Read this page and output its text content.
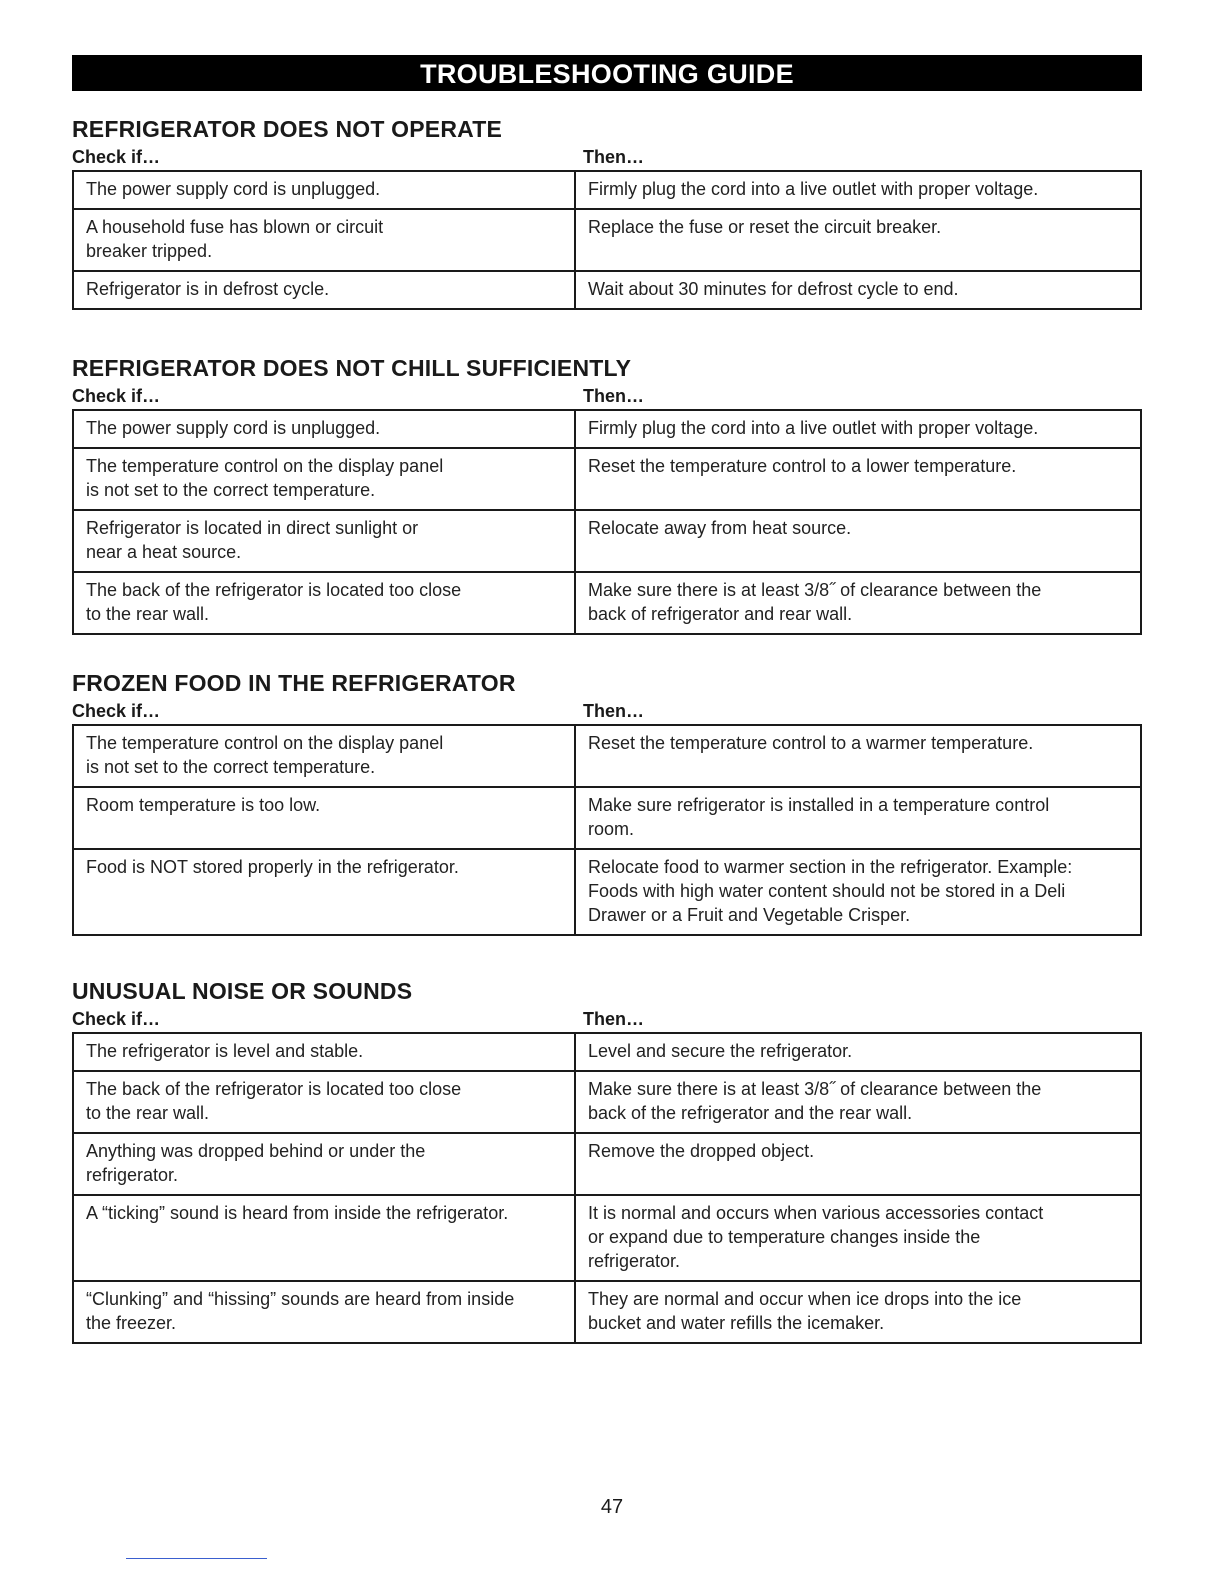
TROUBLESHOOTING GUIDE
REFRIGERATOR DOES NOT OPERATE
Check if…	Then…
The power supply cord is unplugged.	Firmly plug the cord into a live outlet with proper voltage.
A household fuse has blown or circuit
breaker tripped.	Replace the fuse or reset the circuit breaker.
Refrigerator is in defrost cycle.	Wait about 30 minutes for defrost cycle to end.
REFRIGERATOR DOES NOT CHILL SUFFICIENTLY
Check if…	Then…
The power supply cord is unplugged.	Firmly plug the cord into a live outlet with proper voltage.
The temperature control on the display panel
is not set to the correct temperature.	Reset the temperature control to a lower temperature.
Refrigerator is located in direct sunlight or
near a heat source.	Relocate away from heat source.
The back of the refrigerator is located too close
to the rear wall.	Make sure there is at least 3/8˝ of clearance between the
back of refrigerator and rear wall.
FROZEN FOOD IN THE REFRIGERATOR
Check if…	Then…
The temperature control on the display panel
is not set to the correct temperature.	Reset the temperature control to a warmer temperature.
Room temperature is too low.	Make sure refrigerator is installed in a temperature control
room.
Food is NOT stored properly in the refrigerator.	Relocate food to warmer section in the refrigerator. Example:
Foods with high water content should not be stored in a Deli
Drawer or a Fruit and Vegetable Crisper.
UNUSUAL NOISE OR SOUNDS
Check if…	Then…
The refrigerator is level and stable.	Level and secure the refrigerator.
The back of the refrigerator is located too close
to the rear wall.	Make sure there is at least 3/8˝ of clearance between the
back of the refrigerator and the rear wall.
Anything was dropped behind or under the
refrigerator.	Remove the dropped object.
A “ticking” sound is heard from inside the refrigerator.	It is normal and occurs when various accessories contact
or expand due to temperature changes inside the
refrigerator.
“Clunking” and “hissing” sounds are heard from inside
the freezer.	They are normal and occur when ice drops into the ice
bucket and water refills the icemaker.
47
